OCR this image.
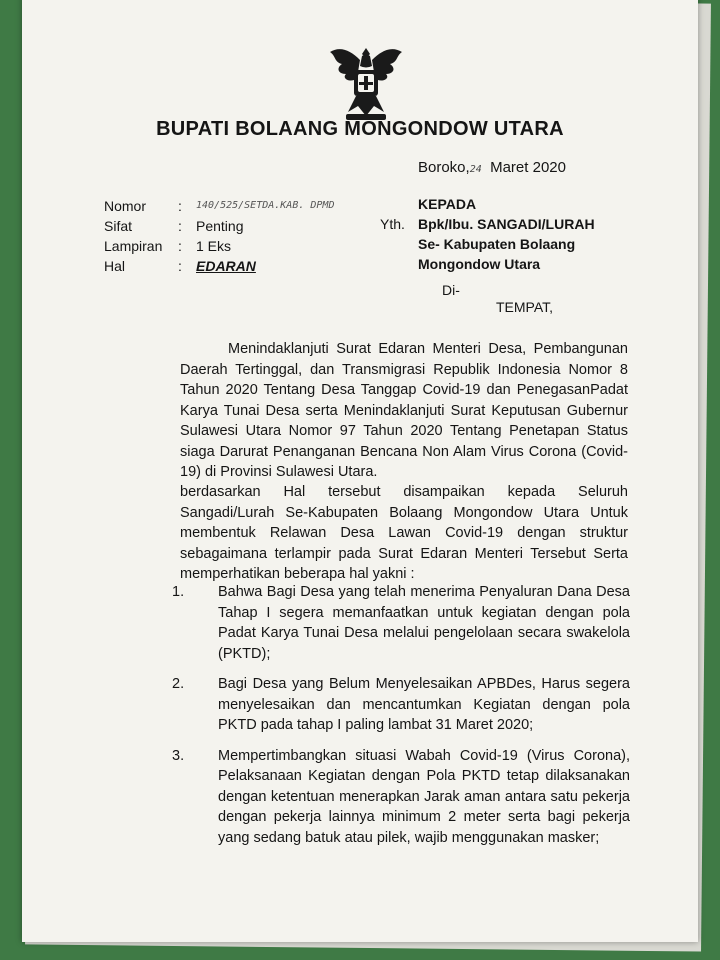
BUPATI BOLAANG MONGONDOW UTARA
Boroko,24 Maret 2020
Nomor	:	140/525/SETDA.KAB. DPMD
Sifat	:	Penting
Lampiran	:	1 Eks
Hal	:	EDARAN
Yth.
KEPADA
Bpk/Ibu. SANGADI/LURAH
Se- Kabupaten Bolaang
Mongondow Utara
Di-
TEMPAT,
Menindaklanjuti Surat Edaran Menteri Desa, Pembangunan Daerah Tertinggal, dan Transmigrasi Republik Indonesia Nomor 8 Tahun 2020 Tentang Desa Tanggap Covid-19 dan PenegasanPadat Karya Tunai Desa serta Menindaklanjuti Surat Keputusan Gubernur Sulawesi Utara Nomor 97 Tahun 2020 Tentang Penetapan Status siaga Darurat Penanganan Bencana Non Alam Virus Corona (Covid-19) di Provinsi Sulawesi Utara.
berdasarkan Hal tersebut disampaikan kepada Seluruh Sangadi/Lurah Se-Kabupaten Bolaang Mongondow Utara Untuk membentuk Relawan Desa Lawan Covid-19 dengan struktur sebagaimana terlampir pada Surat Edaran Menteri Tersebut Serta memperhatikan beberapa hal yakni :
1.	Bahwa Bagi Desa yang telah menerima Penyaluran Dana Desa Tahap I segera memanfaatkan untuk kegiatan dengan pola Padat Karya Tunai Desa melalui pengelolaan secara swakelola (PKTD);
2.	Bagi Desa yang Belum Menyelesaikan APBDes, Harus segera menyelesaikan dan mencantumkan Kegiatan dengan pola PKTD pada tahap I paling lambat 31 Maret 2020;
3.	Mempertimbangkan situasi Wabah Covid-19 (Virus Corona), Pelaksanaan Kegiatan dengan Pola PKTD tetap dilaksanakan dengan ketentuan menerapkan Jarak aman antara satu pekerja dengan pekerja lainnya minimum 2 meter serta bagi pekerja yang sedang batuk atau pilek, wajib menggunakan masker;
